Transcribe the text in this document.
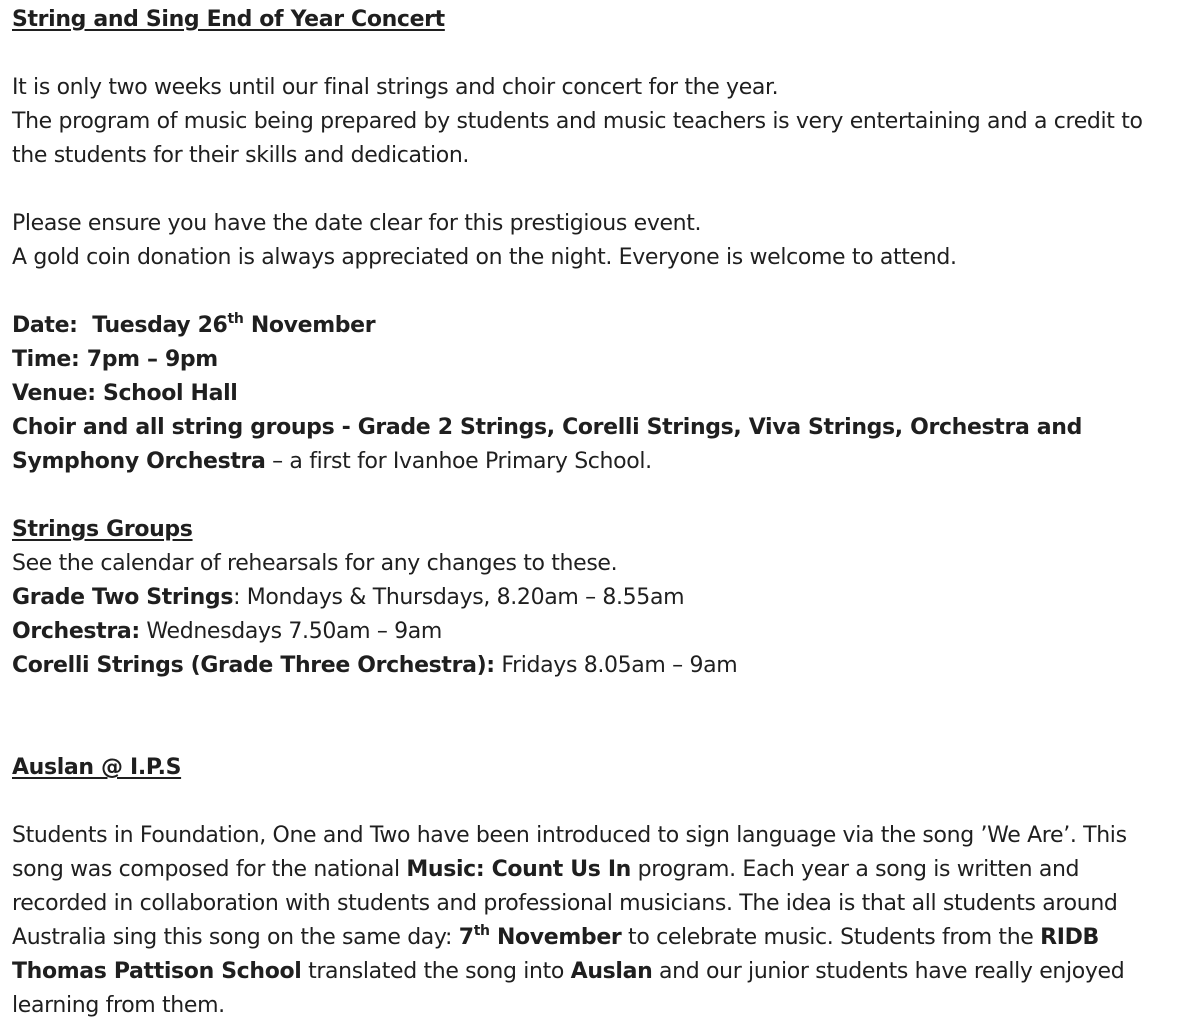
String and Sing End of Year Concert
It is only two weeks until our final strings and choir concert for the year.
The program of music being prepared by students and music teachers is very entertaining and a credit to
the students for their skills and dedication.
Please ensure you have the date clear for this prestigious event.
A gold coin donation is always appreciated on the night. Everyone is welcome to attend.
Date: Tuesday 26th November
Time: 7pm – 9pm
Venue: School Hall
Choir and all string groups - Grade 2 Strings, Corelli Strings, Viva Strings, Orchestra and
Symphony Orchestra – a first for Ivanhoe Primary School.
Strings Groups
See the calendar of rehearsals for any changes to these.
Grade Two Strings: Mondays & Thursdays, 8.20am – 8.55am
Orchestra: Wednesdays 7.50am – 9am
Corelli Strings (Grade Three Orchestra): Fridays 8.05am – 9am
Auslan @ I.P.S
Students in Foundation, One and Two have been introduced to sign language via the song ’We Are’. This
song was composed for the national Music: Count Us In program. Each year a song is written and
recorded in collaboration with students and professional musicians. The idea is that all students around
Australia sing this song on the same day: 7th November to celebrate music. Students from the RIDB
Thomas Pattison School translated the song into Auslan and our junior students have really enjoyed
learning from them.
